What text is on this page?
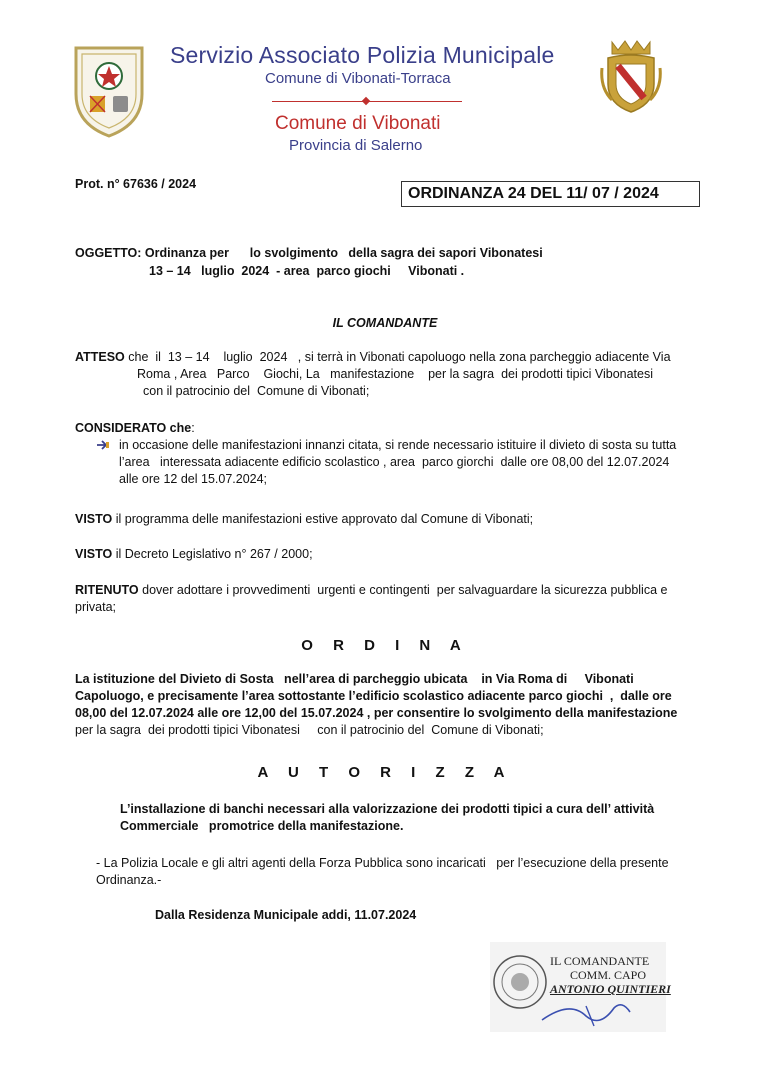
Servizio Associato Polizia Municipale
Comune di Vibonati-Torraca
Comune di Vibonati
Provincia di Salerno
Prot. n° 67636 / 2024
ORDINANZA 24 DEL 11/ 07 / 2024
OGGETTO: Ordinanza per      lo svolgimento   della sagra dei sapori Vibonatesi
13 – 14   luglio  2024  - area  parco giochi     Vibonati .
IL COMANDANTE
ATTESO che  il  13 – 14    luglio  2024   , si terrà in Vibonati capoluogo nella zona parcheggio adiacente Via
Roma , Area   Parco    Giochi, La   manifestazione    per la sagra  dei prodotti tipici Vibonatesi
con il patrocinio del  Comune di Vibonati;
CONSIDERATO che:
in occasione delle manifestazioni innanzi citata, si rende necessario istituire il divieto di sosta su tutta
l’area   interessata adiacente edificio scolastico , area  parco giorchi  dalle ore 08,00 del 12.07.2024
alle ore 12 del 15.07.2024;
VISTO il programma delle manifestazioni estive approvato dal Comune di Vibonati;
VISTO il Decreto Legislativo n° 267 / 2000;
RITENUTO dover adottare i provvedimenti  urgenti e contingenti  per salvaguardare la sicurezza pubblica e
privata;
O R D I N A
La istituzione del Divieto di Sosta   nell’area di parcheggio ubicata    in Via Roma di     Vibonati
Capoluogo, e precisamente l’area sottostante l’edificio scolastico adiacente parco giochi  ,  dalle ore
08,00 del 12.07.2024 alle ore 12,00 del 15.07.2024 , per consentire lo svolgimento della manifestazione
per la sagra  dei prodotti tipici Vibonatesi     con il patrocinio del  Comune di Vibonati;
A U T O R I Z Z A
L’installazione di banchi necessari alla valorizzazione dei prodotti tipici a cura dell’ attività
Commerciale   promotrice della manifestazione.
- La Polizia Locale e gli altri agenti della Forza Pubblica sono incaricati   per l’esecuzione della presente
Ordinanza.-
Dalla Residenza Municipale addi, 11.07.2024
IL COMANDANTE
COMM. CAPO
ANTONIO QUINTIERI
